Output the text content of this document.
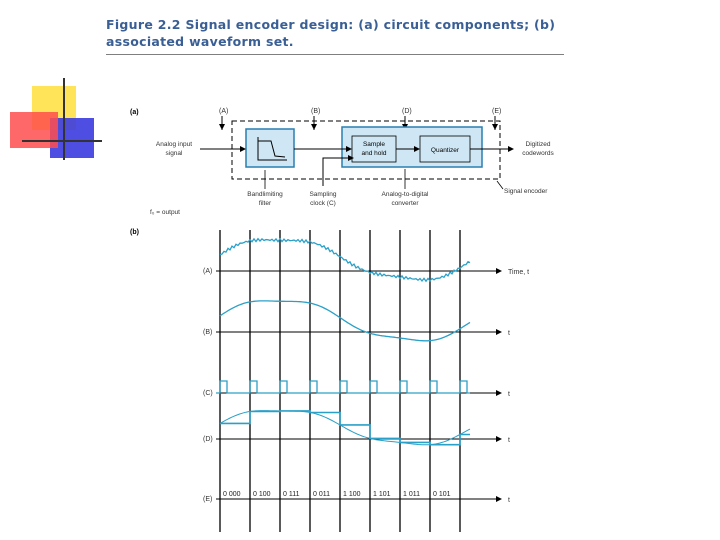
Figure 2.2 Signal encoder design: (a) circuit components; (b) associated waveform set.
(a)	(A)	(B)	(D)	(E)
Sample
and hold	Quantizer
Analog input
signal
Digitized
codewords
Bandlimiting
filter
Sampling
clock (C)
Analog-to-digital
converter
Signal encoder
f₀ = output
(b)
0 000 0 100 0 111 0 011 1 100 1 101 1 011 0 101
(A)
(B)
(C)
(D)
(E)
Time, t
t
t
t
t
